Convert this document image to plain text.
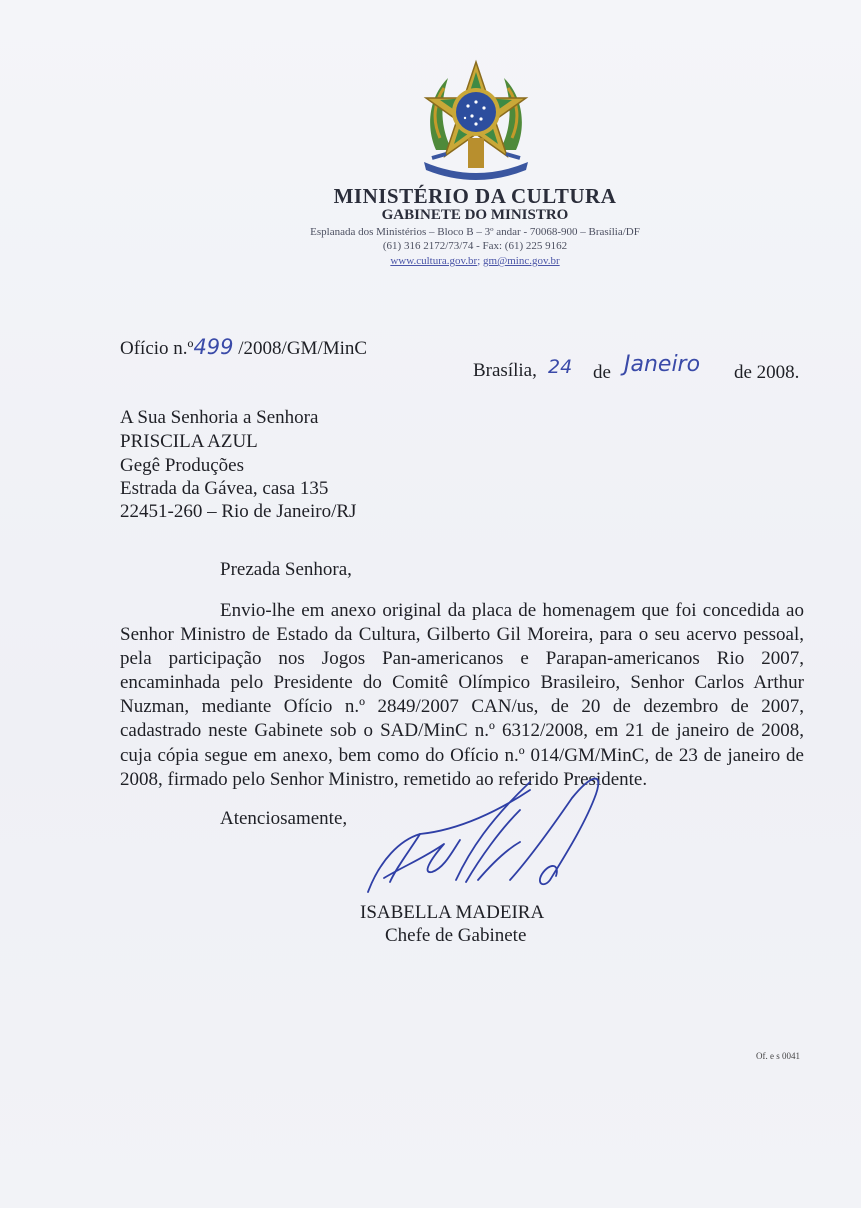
MINISTÉRIO DA CULTURA
GABINETE DO MINISTRO
Esplanada dos Ministérios – Bloco B – 3º andar - 70068-900 – Brasília/DF
(61) 316 2172/73/74 - Fax: (61) 225 9162
www.cultura.gov.br; gm@minc.gov.br
Ofício n.º499 /2008/GM/MinC
Brasília, 24 de Janeiro de 2008.
A Sua Senhoria a Senhora
PRISCILA AZUL
Gegê Produções
Estrada da Gávea, casa 135
22451-260 – Rio de Janeiro/RJ
Prezada Senhora,
Envio-lhe em anexo original da placa de homenagem que foi concedida ao Senhor Ministro de Estado da Cultura, Gilberto Gil Moreira, para o seu acervo pessoal, pela participação nos Jogos Pan-americanos e Parapan-americanos Rio 2007, encaminhada pelo Presidente do Comitê Olímpico Brasileiro, Senhor Carlos Arthur Nuzman, mediante Ofício n.º 2849/2007 CAN/us, de 20 de dezembro de 2007, cadastrado neste Gabinete sob o SAD/MinC n.º 6312/2008, em 21 de janeiro de 2008, cuja cópia segue em anexo, bem como do Ofício n.º 014/GM/MinC, de 23 de janeiro de 2008, firmado pelo Senhor Ministro, remetido ao referido Presidente.
Atenciosamente,
ISABELLA MADEIRA
Chefe de Gabinete
Of. e s 0041
